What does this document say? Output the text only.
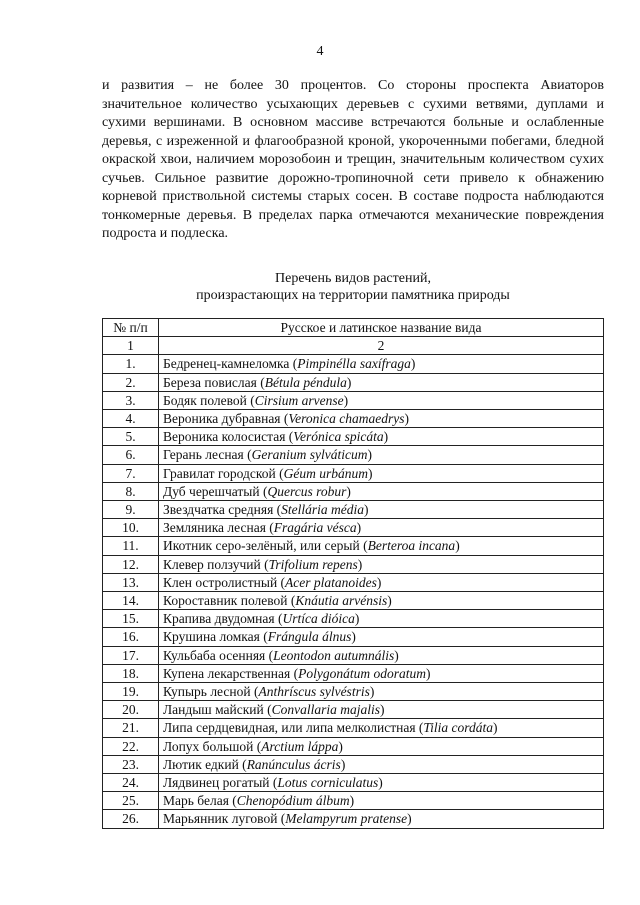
4
и развития – не более 30 процентов. Со стороны проспекта Авиаторов значительное количество усыхающих деревьев с сухими ветвями, дуплами и сухими вершинами. В основном массиве встречаются больные и ослабленные деревья, с изреженной и флагообразной кроной, укороченными побегами, бледной окраской хвои, наличием морозобоин и трещин, значительным количеством сухих сучьев. Сильное развитие дорожно-тропиночной сети привело к обнажению корневой приствольной системы старых сосен. В составе подроста наблюдаются тонкомерные деревья. В пределах парка отмечаются механические повреждения подроста и подлеска.
Перечень видов растений,
произрастающих на территории памятника природы
№ п/п	Русское и латинское название вида
1	2
1.	Бедренец-камнеломка (Pimpinélla saxífraga)
2.	Береза повислая (Bétula péndula)
3.	Бодяк полевой (Cirsium arvense)
4.	Вероника дубравная (Veronica chamaedrys)
5.	Вероника колосистая (Verónica spicáta)
6.	Герань лесная (Gerаnium sylváticum)
7.	Гравилат городской (Géum urbánum)
8.	Дуб черешчатый (Quercus robur)
9.	Звездчатка средняя (Stellária média)
10.	Земляника лесная (Fragária vésca)
11.	Икотник серо-зелёный, или серый (Berteroa incana)
12.	Клевер ползучий (Trifolium repens)
13.	Клен остролистный (Acer platanoides)
14.	Короставник полевой (Knáutia arvénsis)
15.	Крапива двудомная (Urtíca dióica)
16.	Крушина ломкая (Frángula álnus)
17.	Кульбаба осенняя (Leontodon autumnális)
18.	Купена лекарственная (Polygonátum odoratum)
19.	Купырь лесной (Anthríscus sylvéstris)
20.	Ландыш майский (Convallaria majalis)
21.	Липа сердцевидная, или липа мелколистная (Tilia cordáta)
22.	Лопух большой (Arctium láppa)
23.	Лютик едкий (Ranúnculus ácris)
24.	Лядвинец рогатый (Lotus corniculatus)
25.	Марь белая (Chenopódium álbum)
26.	Марьянник луговой (Melampyrum pratense)
